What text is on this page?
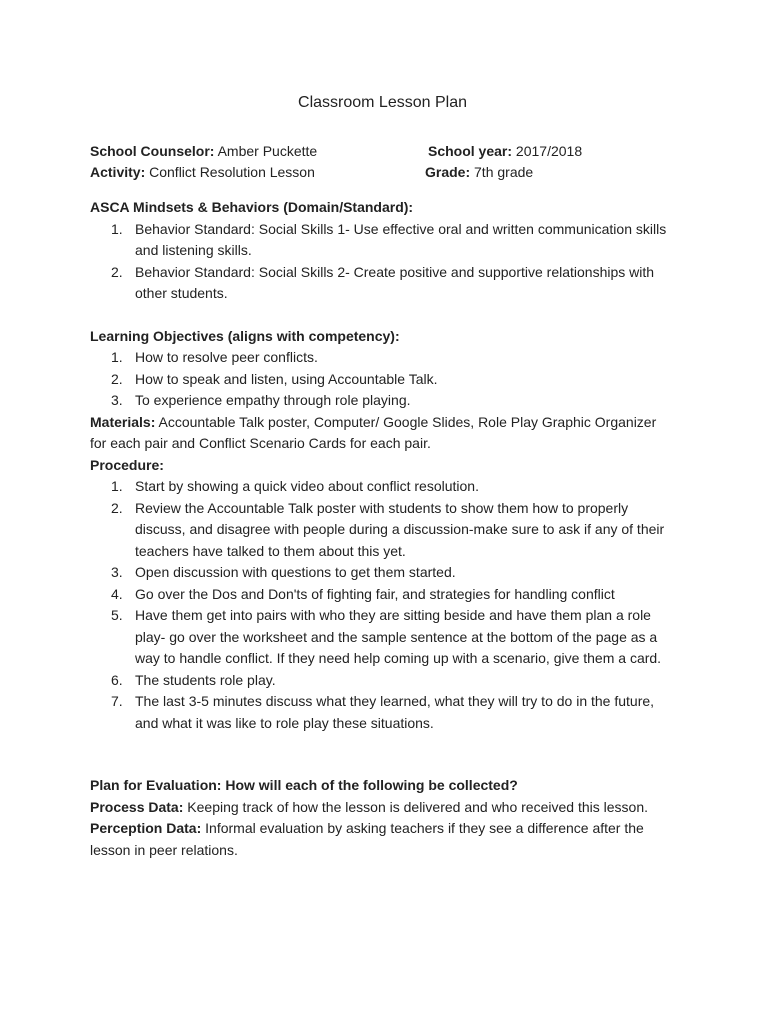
Classroom Lesson Plan
School Counselor: Amber Puckette	School year: 2017/2018
Activity: Conflict Resolution Lesson	Grade: 7th grade
ASCA Mindsets & Behaviors (Domain/Standard):
1. Behavior Standard: Social Skills 1- Use effective oral and written communication skills and listening skills.
2. Behavior Standard: Social Skills 2- Create positive and supportive relationships with other students.
Learning Objectives (aligns with competency):
1. How to resolve peer conflicts.
2. How to speak and listen, using Accountable Talk.
3. To experience empathy through role playing.

Materials: Accountable Talk poster, Computer/ Google Slides, Role Play Graphic Organizer for each pair and Conflict Scenario Cards for each pair.

Procedure:
1. Start by showing a quick video about conflict resolution.
2. Review the Accountable Talk poster with students to show them how to properly discuss, and disagree with people during a discussion-make sure to ask if any of their teachers have talked to them about this yet.
3. Open discussion with questions to get them started.
4. Go over the Dos and Don'ts of fighting fair, and strategies for handling conflict
5. Have them get into pairs with who they are sitting beside and have them plan a role play- go over the worksheet and the sample sentence at the bottom of the page as a way to handle conflict. If they need help coming up with a scenario, give them a card.
6. The students role play.
7. The last 3-5 minutes discuss what they learned, what they will try to do in the future, and what it was like to role play these situations.
Plan for Evaluation: How will each of the following be collected?

Process Data: Keeping track of how the lesson is delivered and who received this lesson.

Perception Data: Informal evaluation by asking teachers if they see a difference after the lesson in peer relations.
